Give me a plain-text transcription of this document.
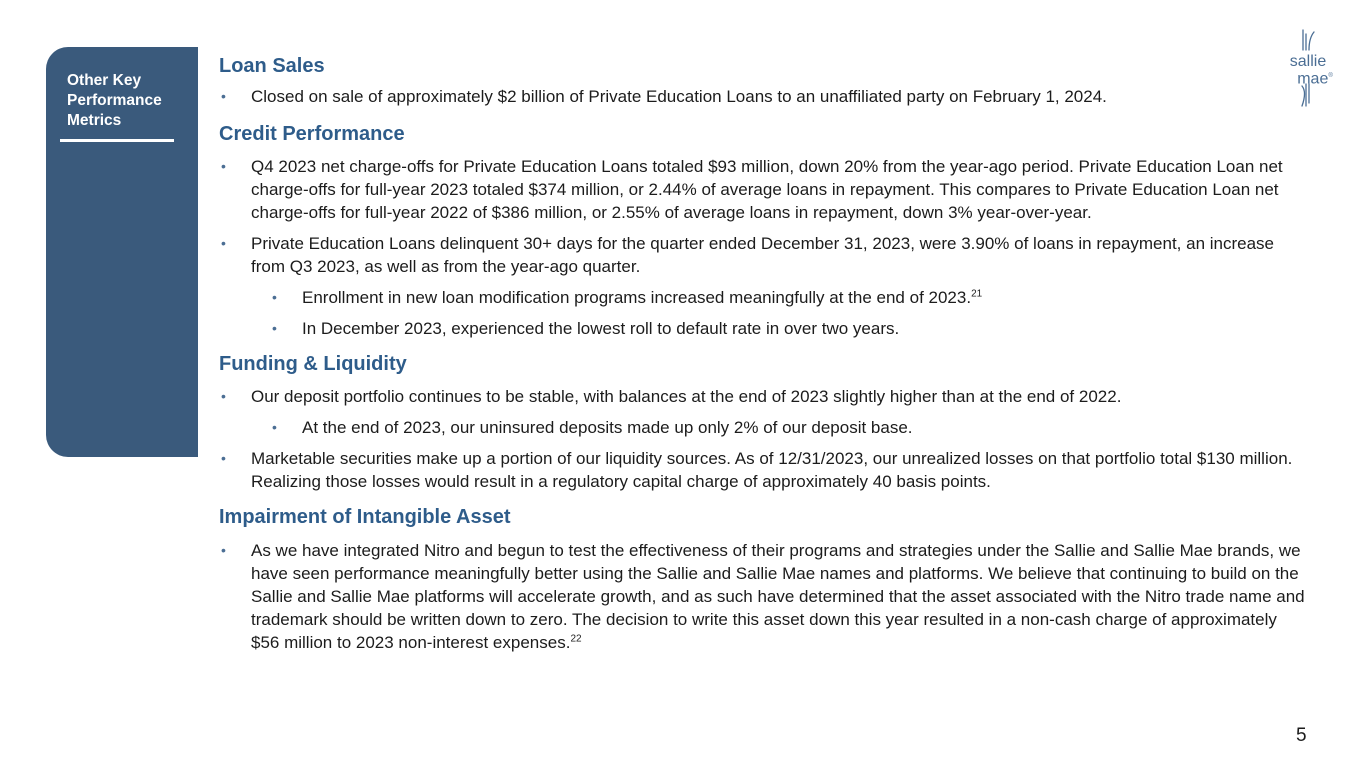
Other Key
Performance
Metrics
sallie
mae®
Loan Sales

• Closed on sale of approximately $2 billion of Private Education Loans to an unaffiliated party on February 1, 2024.

Credit Performance

• Q4 2023 net charge-offs for Private Education Loans totaled $93 million, down 20% from the year-ago period. Private Education Loan net charge-offs for full-year 2023 totaled $374 million, or 2.44% of average loans in repayment. This compares to Private Education Loan net charge-offs for full-year 2022 of $386 million, or 2.55% of average loans in repayment, down 3% year-over-year.

• Private Education Loans delinquent 30+ days for the quarter ended December 31, 2023, were 3.90% of loans in repayment, an increase from Q3 2023, as well as from the year-ago quarter.

• Enrollment in new loan modification programs increased meaningfully at the end of 2023.21

• In December 2023, experienced the lowest roll to default rate in over two years.

Funding & Liquidity

• Our deposit portfolio continues to be stable, with balances at the end of 2023 slightly higher than at the end of 2022.

• At the end of 2023, our uninsured deposits made up only 2% of our deposit base.

• Marketable securities make up a portion of our liquidity sources. As of 12/31/2023, our unrealized losses on that portfolio total $130 million. Realizing those losses would result in a regulatory capital charge of approximately 40 basis points.

Impairment of Intangible Asset

• As we have integrated Nitro and begun to test the effectiveness of their programs and strategies under the Sallie and Sallie Mae brands, we have seen performance meaningfully better using the Sallie and Sallie Mae names and platforms. We believe that continuing to build on the Sallie and Sallie Mae platforms will accelerate growth, and as such have determined that the asset associated with the Nitro trade name and trademark should be written down to zero. The decision to write this asset down this year resulted in a non-cash charge of approximately $56 million to 2023 non-interest expenses.$^{22}$

5
